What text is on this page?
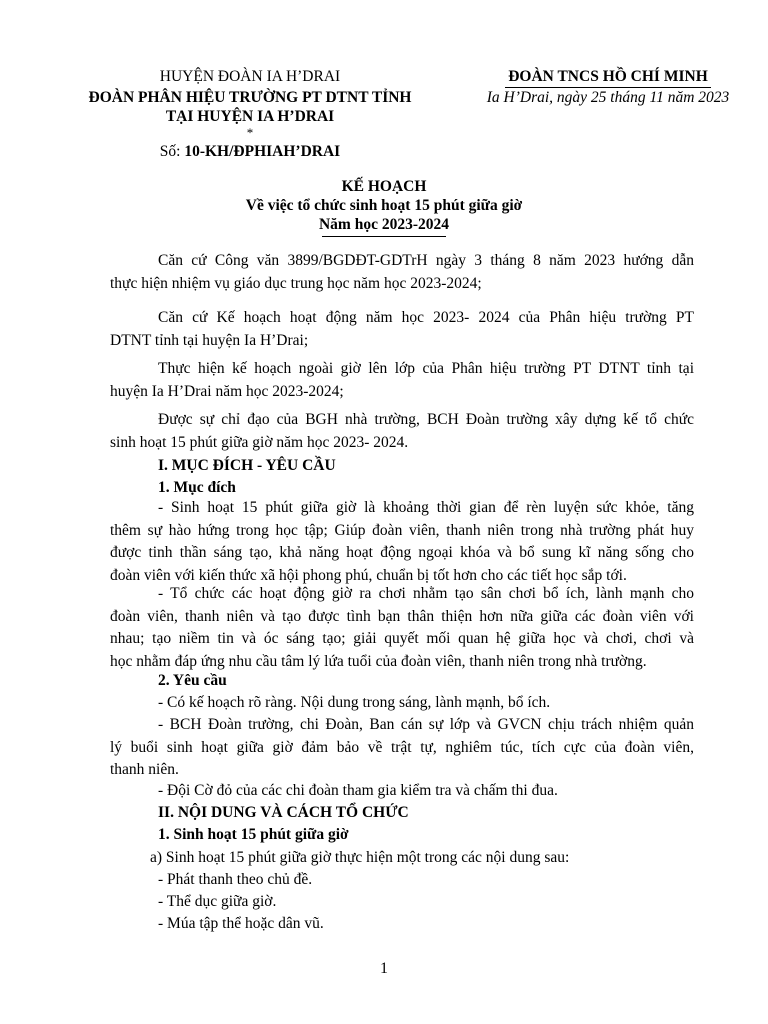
HUYỆN ĐOÀN IA H’DRAI
ĐOÀN PHÂN HIỆU TRƯỜNG PT DTNT TỈNH
TẠI HUYỆN IA H’DRAI
*
Số: 10-KH/ĐPHIAH’DRAI
ĐOÀN TNCS HỒ CHÍ MINH
Ia H’Drai, ngày 25 tháng 11 năm 2023
KẾ HOẠCH
Về việc tổ chức sinh hoạt 15 phút giữa giờ
Năm học 2023-2024
Căn cứ Công văn 3899/BGDĐT-GDTrH ngày 3 tháng 8 năm 2023 hướng dẫn
thực hiện nhiệm vụ giáo dục trung học năm học 2023-2024;
Căn cứ Kế hoạch hoạt động năm học 2023- 2024 của Phân hiệu trường PT
DTNT tỉnh tại huyện Ia H’Drai;
Thực hiện kế hoạch ngoài giờ lên lớp của Phân hiệu trường PT DTNT tỉnh tại
huyện Ia H’Drai năm học 2023-2024;
Được sự chỉ đạo của BGH nhà trường, BCH Đoàn trường xây dựng kế tổ chức
sinh hoạt 15 phút giữa giờ năm học 2023- 2024.
I. MỤC ĐÍCH - YÊU CẦU
1. Mục đích
- Sinh hoạt 15 phút giữa giờ là khoảng thời gian để rèn luyện sức khỏe, tăng
thêm sự hào hứng trong học tập; Giúp đoàn viên, thanh niên trong nhà trường phát huy
được tinh thần sáng tạo, khả năng hoạt động ngoại khóa và bổ sung kĩ năng sống cho
đoàn viên với kiến thức xã hội phong phú, chuẩn bị tốt hơn cho các tiết học sắp tới.
- Tổ chức các hoạt động giờ ra chơi nhằm tạo sân chơi bổ ích, lành mạnh cho
đoàn viên, thanh niên và tạo được tình bạn thân thiện hơn nữa giữa các đoàn viên với
nhau; tạo niềm tin và óc sáng tạo; giải quyết mối quan hệ giữa học và chơi, chơi và
học nhằm đáp ứng nhu cầu tâm lý lứa tuổi của đoàn viên, thanh niên trong nhà trường.
2. Yêu cầu
- Có kế hoạch rõ ràng. Nội dung trong sáng, lành mạnh, bổ ích.
- BCH Đoàn trường, chi Đoàn, Ban cán sự lớp và GVCN chịu trách nhiệm quản
lý buổi sinh hoạt giữa giờ đảm bảo về trật tự, nghiêm túc, tích cực của đoàn viên,
thanh niên.
- Đội Cờ đỏ của các chi đoàn tham gia kiểm tra và chấm thi đua.
II. NỘI DUNG VÀ CÁCH TỔ CHỨC
1. Sinh hoạt 15 phút giữa giờ
a) Sinh hoạt 15 phút giữa giờ thực hiện một trong các nội dung sau:
- Phát thanh theo chủ đề.
- Thể dục giữa giờ.
- Múa tập thể hoặc dân vũ.
1
